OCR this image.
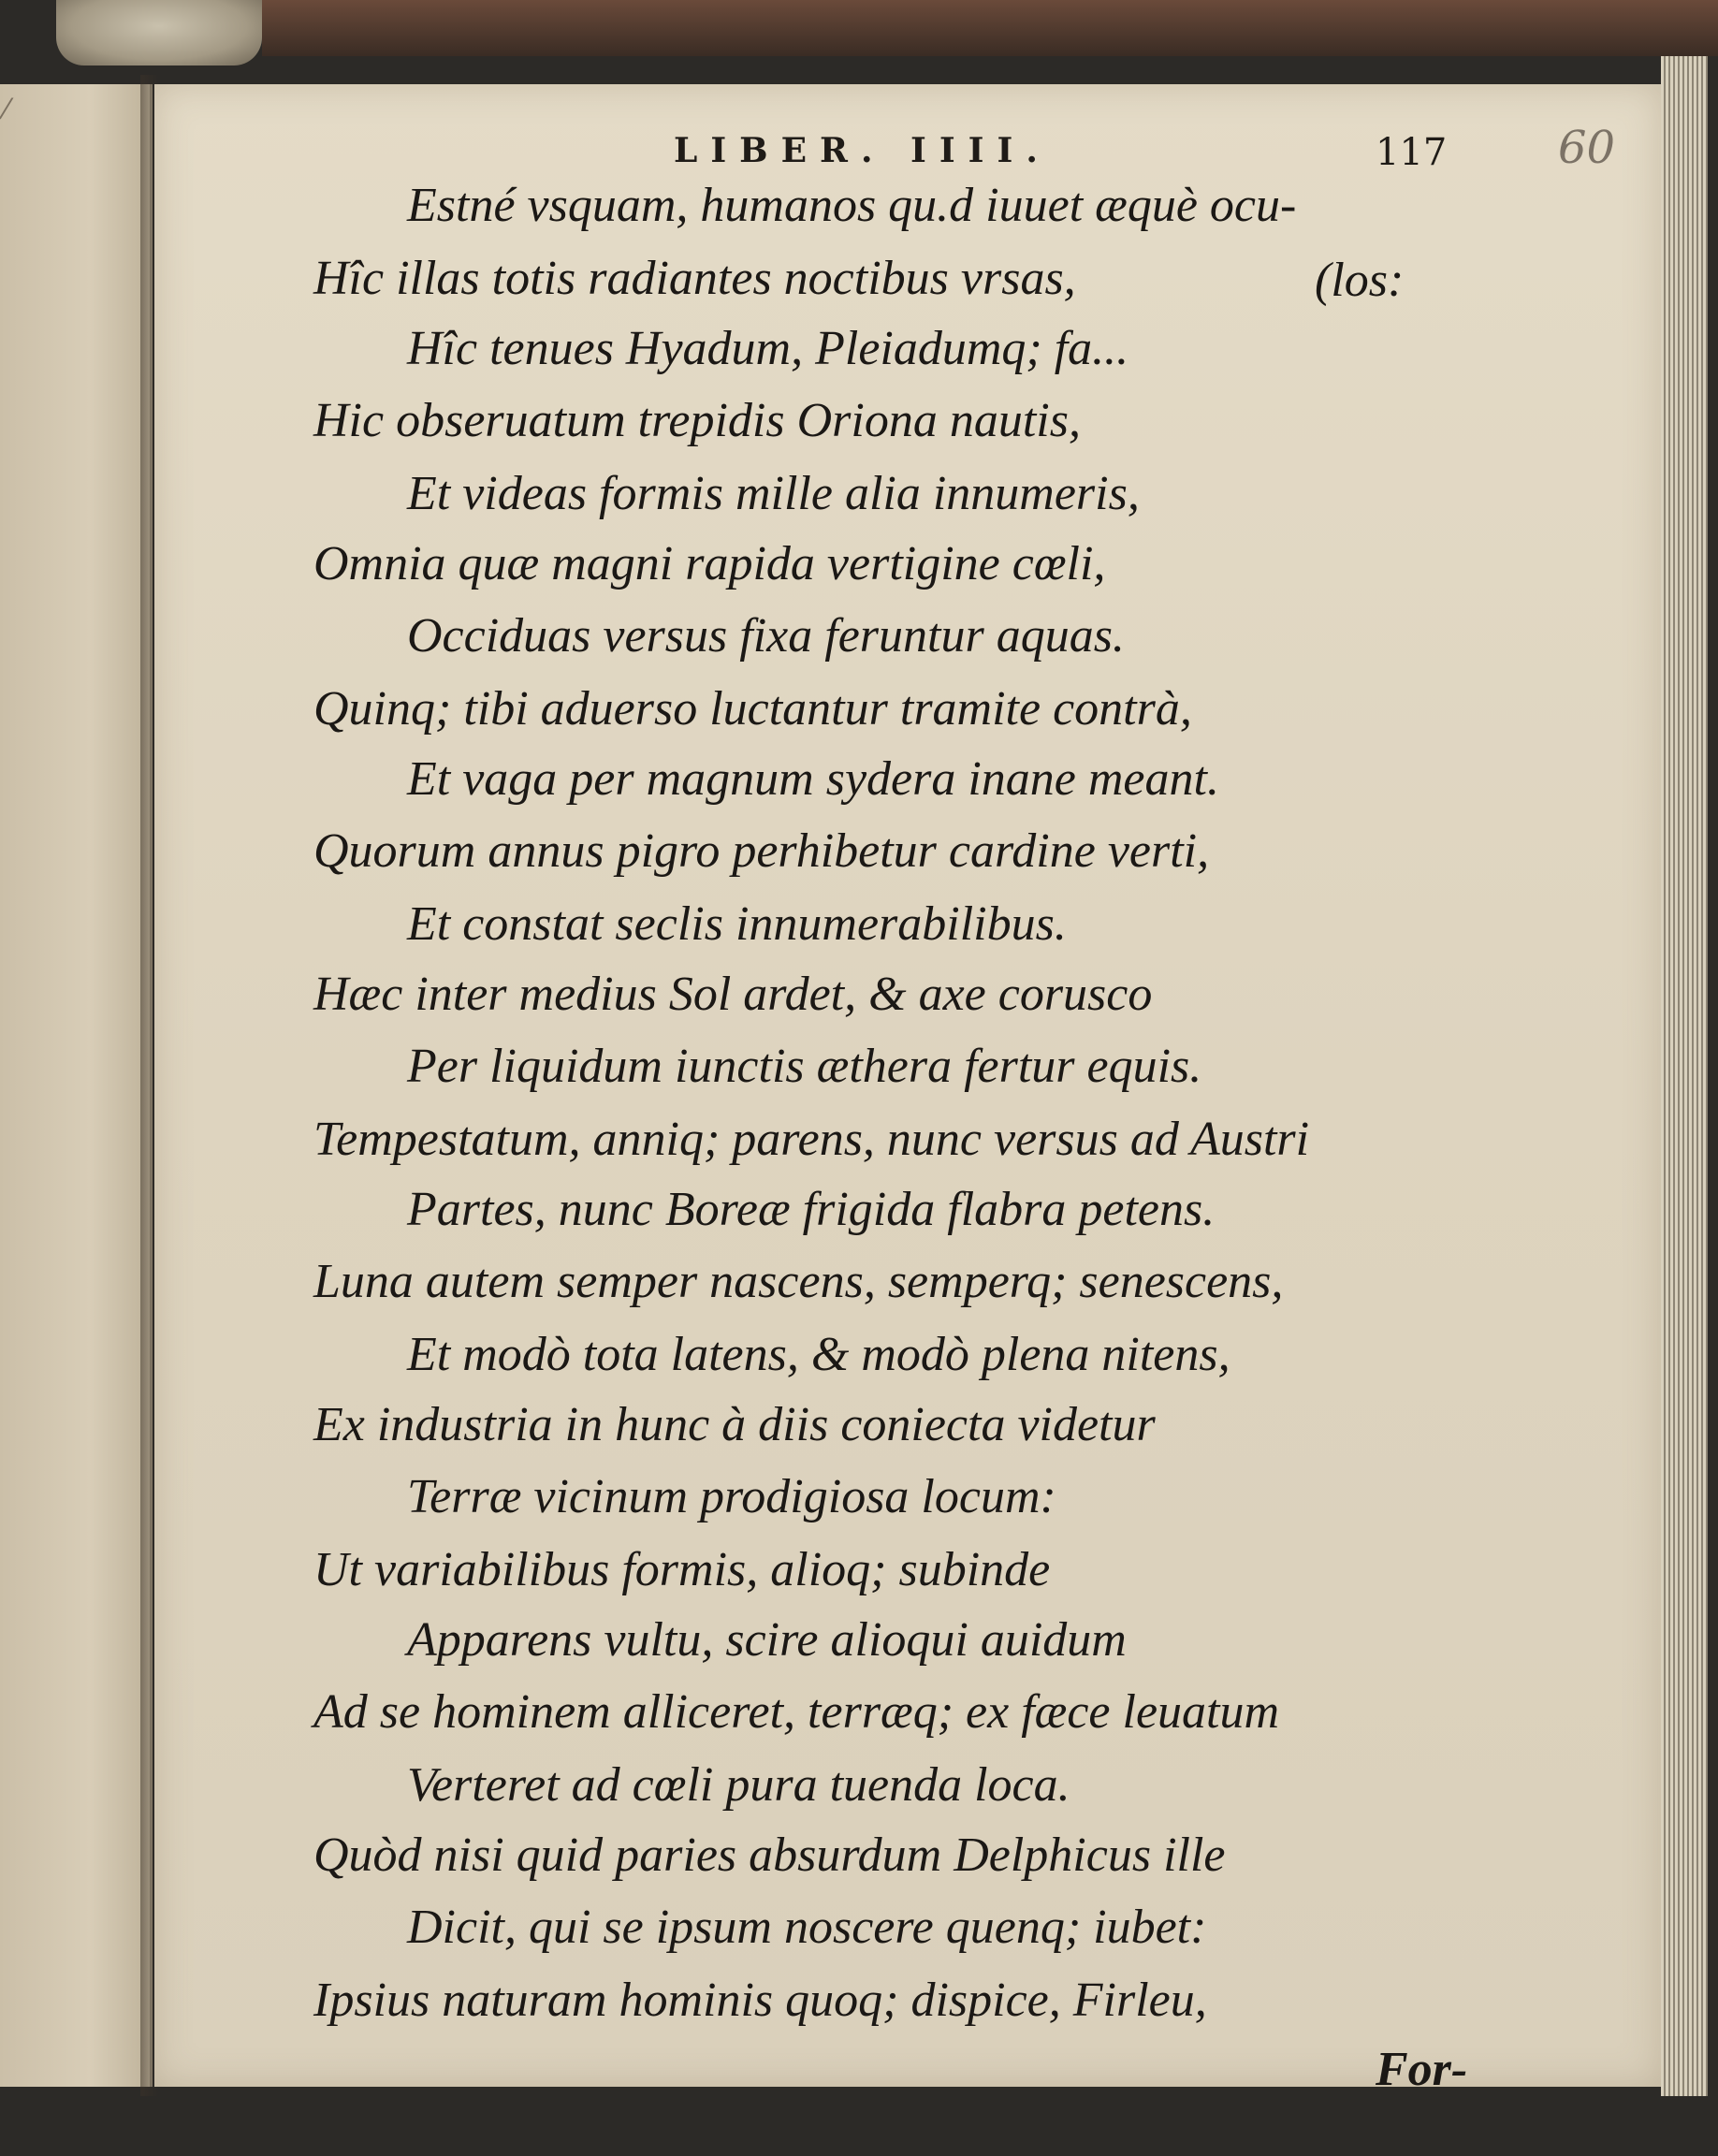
⁄
LIBER. IIII.	117 60
Estné vsquam, humanos qu.d iuuet æquè ocu-
Hîc illas totis radiantes noctibus vrsas,
Hîc tenues Hyadum, Pleiadumq; fa...
Hic obseruatum trepidis Oriona nautis,
Et videas formis mille alia innumeris,
Omnia quæ magni rapida vertigine cœli,
Occiduas versus fixa feruntur aquas.
Quinq; tibi aduerso luctantur tramite contrà,
Et vaga per magnum sydera inane meant.
Quorum annus pigro perhibetur cardine verti,
Et constat seclis innumerabilibus.
Hæc inter medius Sol ardet, & axe corusco
Per liquidum iunctis æthera fertur equis.
Tempestatum, anniq; parens, nunc versus ad Austri
Partes, nunc Boreæ frigida flabra petens.
Luna autem semper nascens, semperq; senescens,
Et modò tota latens, & modò plena nitens,
Ex industria in hunc à diis coniecta videtur
Terræ vicinum prodigiosa locum:
Ut variabilibus formis, alioq; subinde
Apparens vultu, scire alioqui auidum
Ad se hominem alliceret, terræq; ex fæce leuatum
Verteret ad cœli pura tuenda loca.
Quòd nisi quid paries absurdum Delphicus ille
Dicit, qui se ipsum noscere quenq; iubet:
Ipsius naturam hominis quoq; dispice, Firleu,
(los:
For-
